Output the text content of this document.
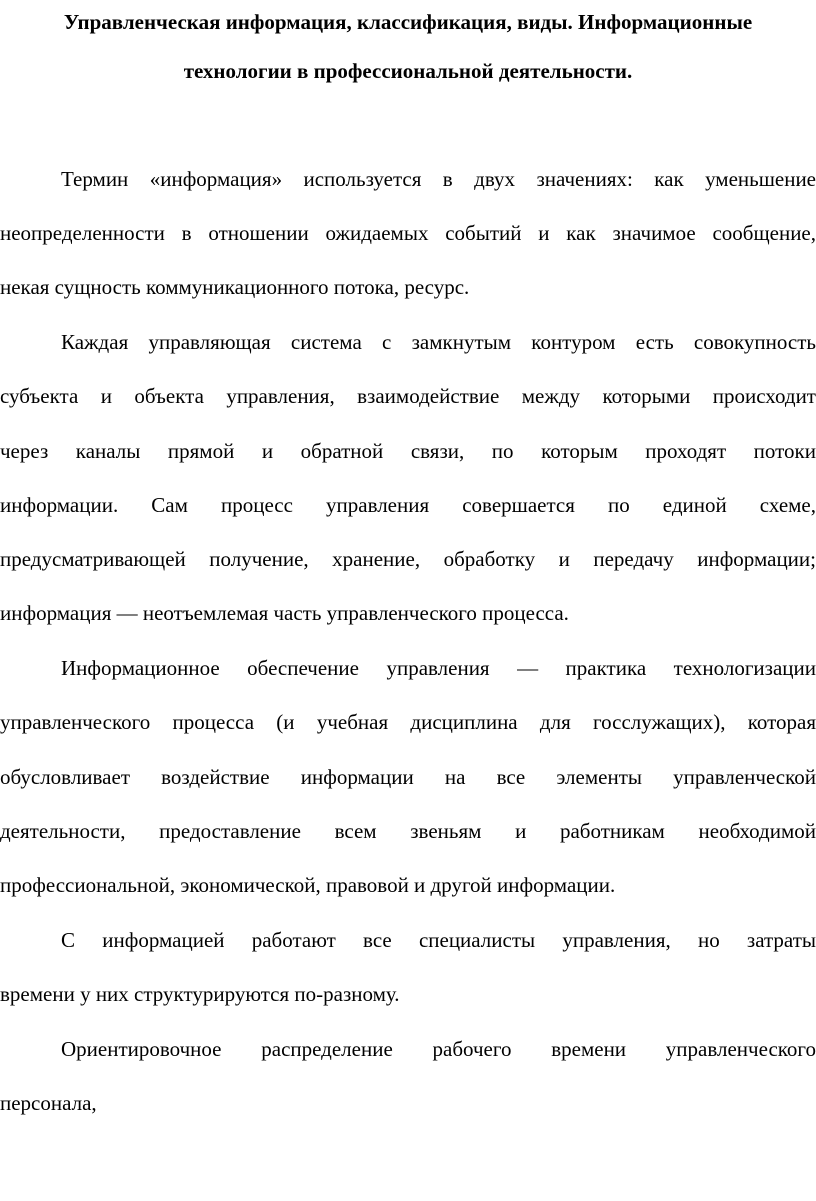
Управленческая информация, классификация, виды. Информационные
технологии в профессиональной деятельности.
Термин «информация» используется в двух значениях: как уменьшение
неопределенности в отношении ожидаемых событий и как значимое сообщение,
некая сущность коммуникационного потока, ресурс.
Каждая управляющая система с замкнутым контуром есть совокупность
субъекта и объекта управления, взаимодействие между которыми происходит
через каналы прямой и обратной связи, по которым проходят потоки
информации. Сам процесс управления совершается по единой схеме,
предусматривающей получение, хранение, обработку и передачу информации;
информация — неотъемлемая часть управленческого процесса.
Информационное обеспечение управления — практика технологизации
управленческого процесса (и учебная дисциплина для госслужащих), которая
обусловливает воздействие информации на все элементы управленческой
деятельности, предоставление всем звеньям и работникам необходимой
профессиональной, экономической, правовой и другой информации.
С информацией работают все специалисты управления, но затраты
времени у них структурируются по-разному.
Ориентировочное распределение рабочего времени управленческого
персонала,
